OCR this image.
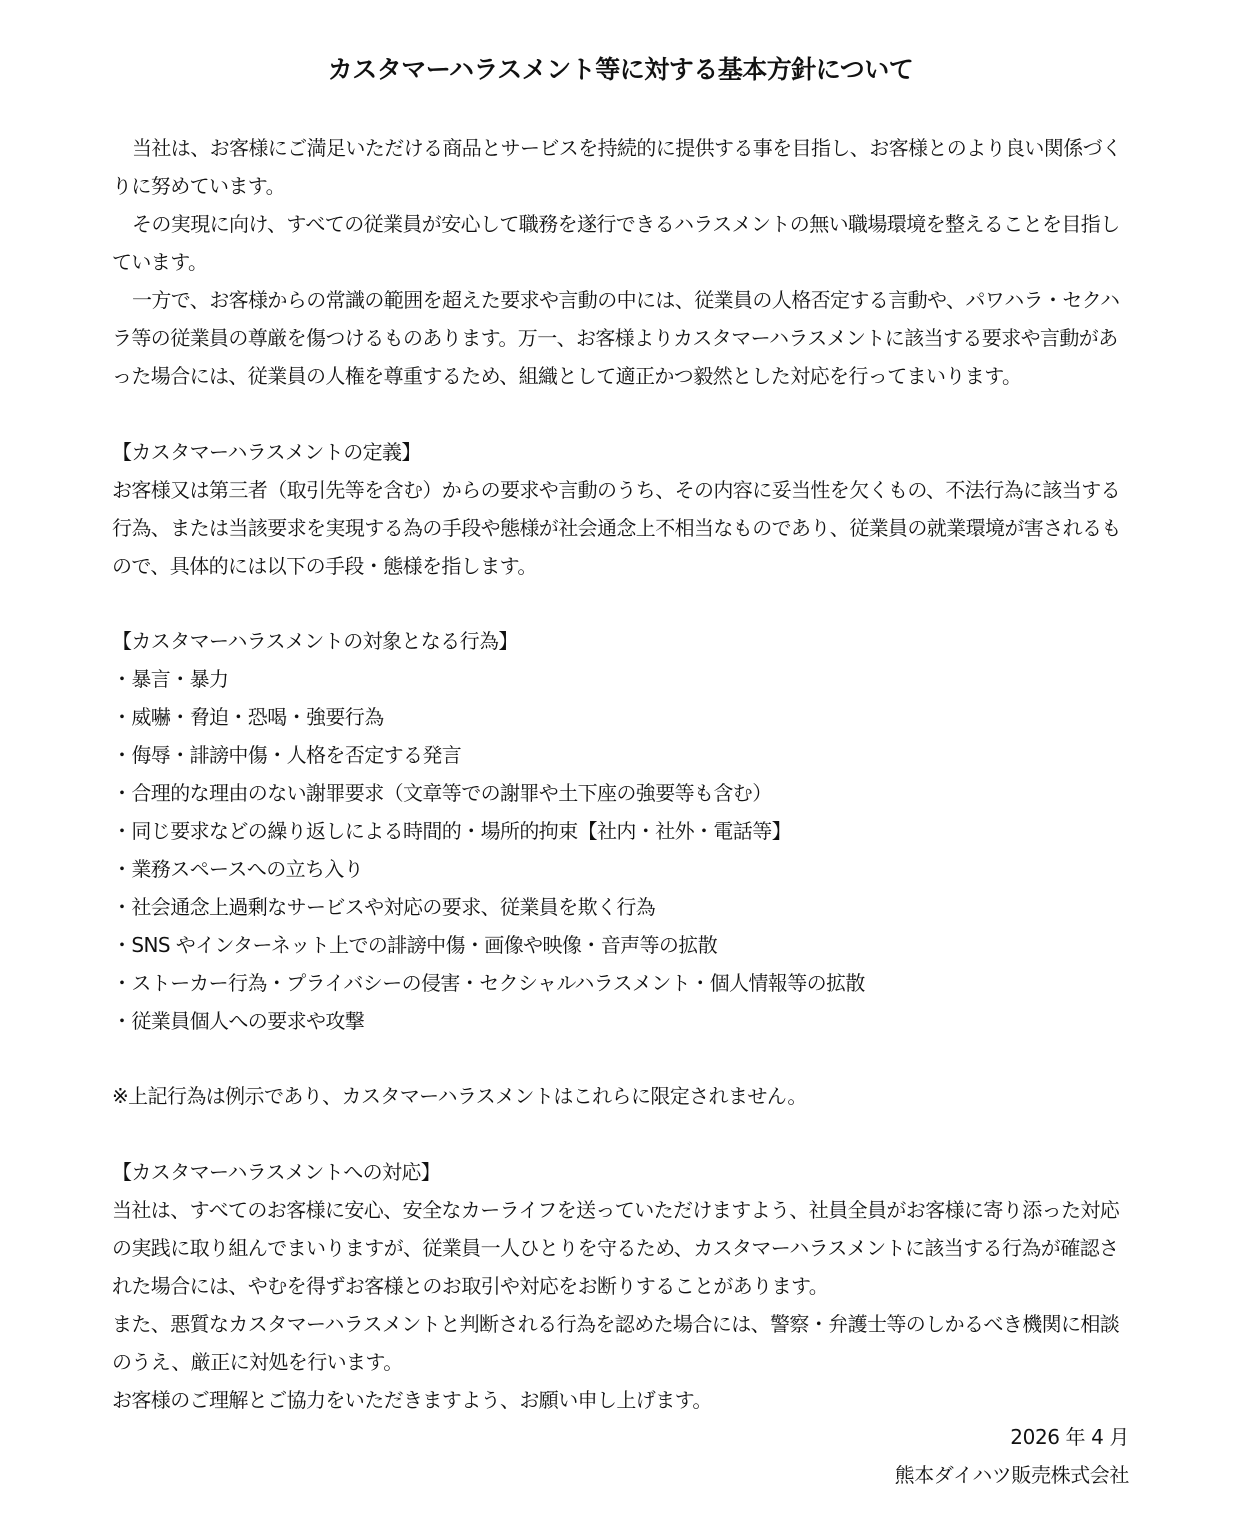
カスタマーハラスメント等に対する基本方針について

当社は、お客様にご満足いただける商品とサービスを持続的に提供する事を目指し、お客様とのより良い関係づくりに努めています。

その実現に向け、すべての従業員が安心して職務を遂行できるハラスメントの無い職場環境を整えることを目指しています。

一方で、お客様からの常識の範囲を超えた要求や言動の中には、従業員の人格否定する言動や、パワハラ・セクハラ等の従業員の尊厳を傷つけるものあります。万一、お客様よりカスタマーハラスメントに該当する要求や言動があった場合には、従業員の人権を尊重するため、組織として適正かつ毅然とした対応を行ってまいります。

【カスタマーハラスメントの定義】

お客様又は第三者（取引先等を含む）からの要求や言動のうち、その内容に妥当性を欠くもの、不法行為に該当する行為、または当該要求を実現する為の手段や態様が社会通念上不相当なものであり、従業員の就業環境が害されるもので、具体的には以下の手段・態様を指します。

【カスタマーハラスメントの対象となる行為】

・暴言・暴力
・威嚇・脅迫・恐喝・強要行為
・侮辱・誹謗中傷・人格を否定する発言
・合理的な理由のない謝罪要求（文章等での謝罪や土下座の強要等も含む）
・同じ要求などの繰り返しによる時間的・場所的拘束【社内・社外・電話等】
・業務スペースへの立ち入り
・社会通念上過剰なサービスや対応の要求、従業員を欺く行為
・SNS やインターネット上での誹謗中傷・画像や映像・音声等の拡散
・ストーカー行為・プライバシーの侵害・セクシャルハラスメント・個人情報等の拡散
・従業員個人への要求や攻撃

※上記行為は例示であり、カスタマーハラスメントはこれらに限定されません。

【カスタマーハラスメントへの対応】

当社は、すべてのお客様に安心、安全なカーライフを送っていただけますよう、社員全員がお客様に寄り添った対応の実践に取り組んでまいりますが、従業員一人ひとりを守るため、カスタマーハラスメントに該当する行為が確認された場合には、やむを得ずお客様とのお取引や対応をお断りすることがあります。

また、悪質なカスタマーハラスメントと判断される行為を認めた場合には、警察・弁護士等のしかるべき機関に相談のうえ、厳正に対処を行います。

お客様のご理解とご協力をいただきますよう、お願い申し上げます。

2026 年 4 月
熊本ダイハツ販売株式会社
